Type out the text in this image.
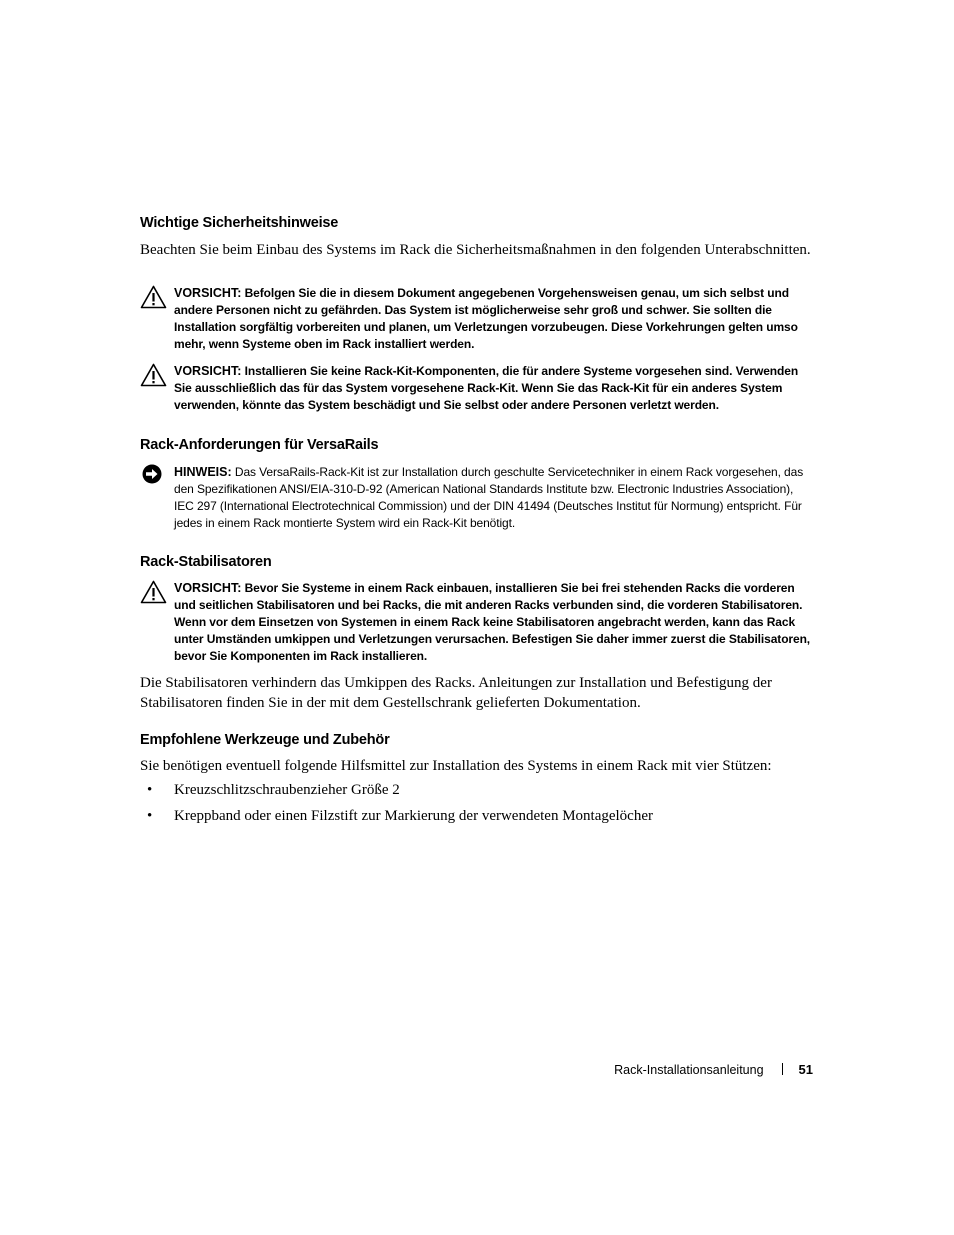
Wichtige Sicherheitshinweise

Beachten Sie beim Einbau des Systems im Rack die Sicherheitsmaßnahmen in den folgenden Unterabschnitten.

VORSICHT: Befolgen Sie die in diesem Dokument angegebenen Vorgehensweisen genau, um sich selbst und andere Personen nicht zu gefährden. Das System ist möglicherweise sehr groß und schwer. Sie sollten die Installation sorgfältig vorbereiten und planen, um Verletzungen vorzubeugen. Diese Vorkehrungen gelten umso mehr, wenn Systeme oben im Rack installiert werden.

VORSICHT: Installieren Sie keine Rack-Kit-Komponenten, die für andere Systeme vorgesehen sind. Verwenden Sie ausschließlich das für das System vorgesehene Rack-Kit. Wenn Sie das Rack-Kit für ein anderes System verwenden, könnte das System beschädigt und Sie selbst oder andere Personen verletzt werden.

Rack-Anforderungen für VersaRails

HINWEIS: Das VersaRails-Rack-Kit ist zur Installation durch geschulte Servicetechniker in einem Rack vorgesehen, das den Spezifikationen ANSI/EIA-310-D-92 (American National Standards Institute bzw. Electronic Industries Association), IEC 297 (International Electrotechnical Commission) und der DIN 41494 (Deutsches Institut für Normung) entspricht. Für jedes in einem Rack montierte System wird ein Rack-Kit benötigt.

Rack-Stabilisatoren

VORSICHT: Bevor Sie Systeme in einem Rack einbauen, installieren Sie bei frei stehenden Racks die vorderen und seitlichen Stabilisatoren und bei Racks, die mit anderen Racks verbunden sind, die vorderen Stabilisatoren. Wenn vor dem Einsetzen von Systemen in einem Rack keine Stabilisatoren angebracht werden, kann das Rack unter Umständen umkippen und Verletzungen verursachen. Befestigen Sie daher immer zuerst die Stabilisatoren, bevor Sie Komponenten im Rack installieren.

Die Stabilisatoren verhindern das Umkippen des Racks. Anleitungen zur Installation und Befestigung der Stabilisatoren finden Sie in der mit dem Gestellschrank gelieferten Dokumentation.

Empfohlene Werkzeuge und Zubehör

Sie benötigen eventuell folgende Hilfsmittel zur Installation des Systems in einem Rack mit vier Stützen:

• Kreuzschlitzschraubenzieher Größe 2
• Kreppband oder einen Filzstift zur Markierung der verwendeten Montagelöcher
Rack-Installationsanleitung	51
